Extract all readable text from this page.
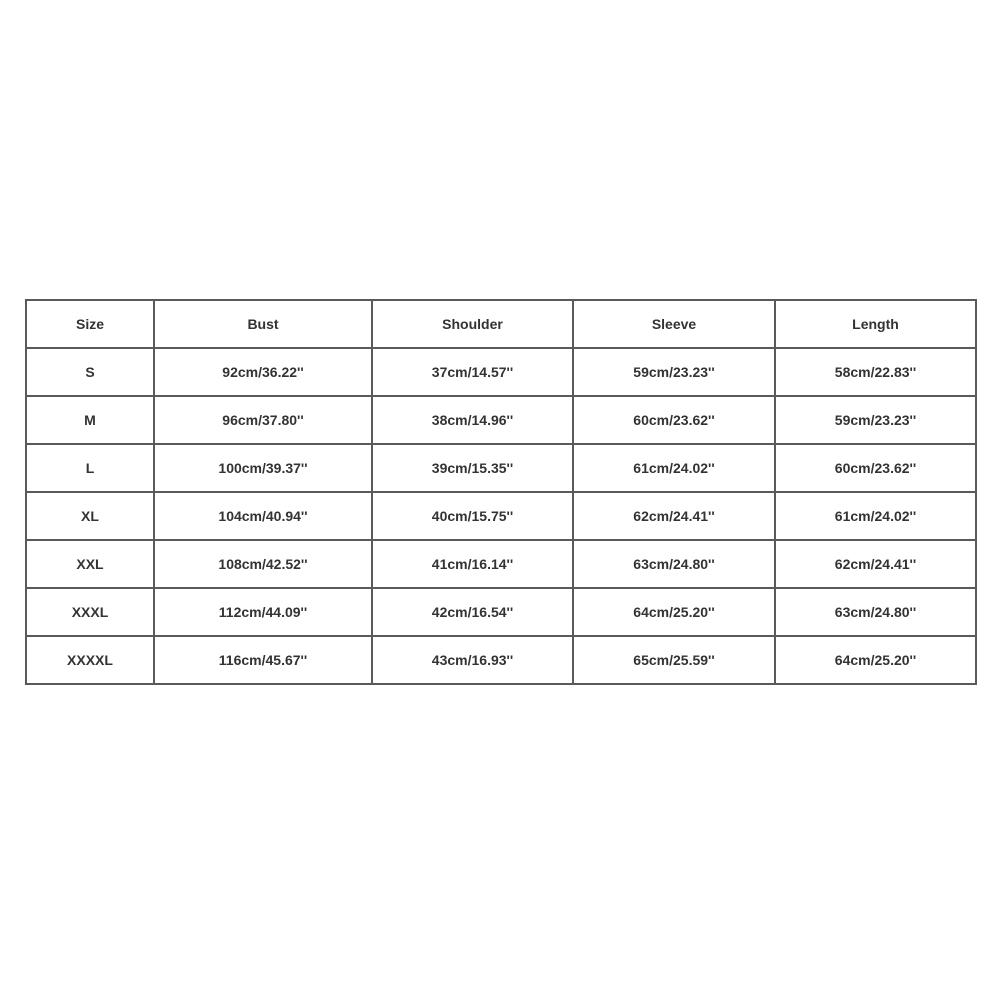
Size	Bust	Shoulder	Sleeve	Length
S	92cm/36.22''	37cm/14.57''	59cm/23.23''	58cm/22.83''
M	96cm/37.80''	38cm/14.96''	60cm/23.62''	59cm/23.23''
L	100cm/39.37''	39cm/15.35''	61cm/24.02''	60cm/23.62''
XL	104cm/40.94''	40cm/15.75''	62cm/24.41''	61cm/24.02''
XXL	108cm/42.52''	41cm/16.14''	63cm/24.80''	62cm/24.41''
XXXL	112cm/44.09''	42cm/16.54''	64cm/25.20''	63cm/24.80''
XXXXL	116cm/45.67''	43cm/16.93''	65cm/25.59''	64cm/25.20''
